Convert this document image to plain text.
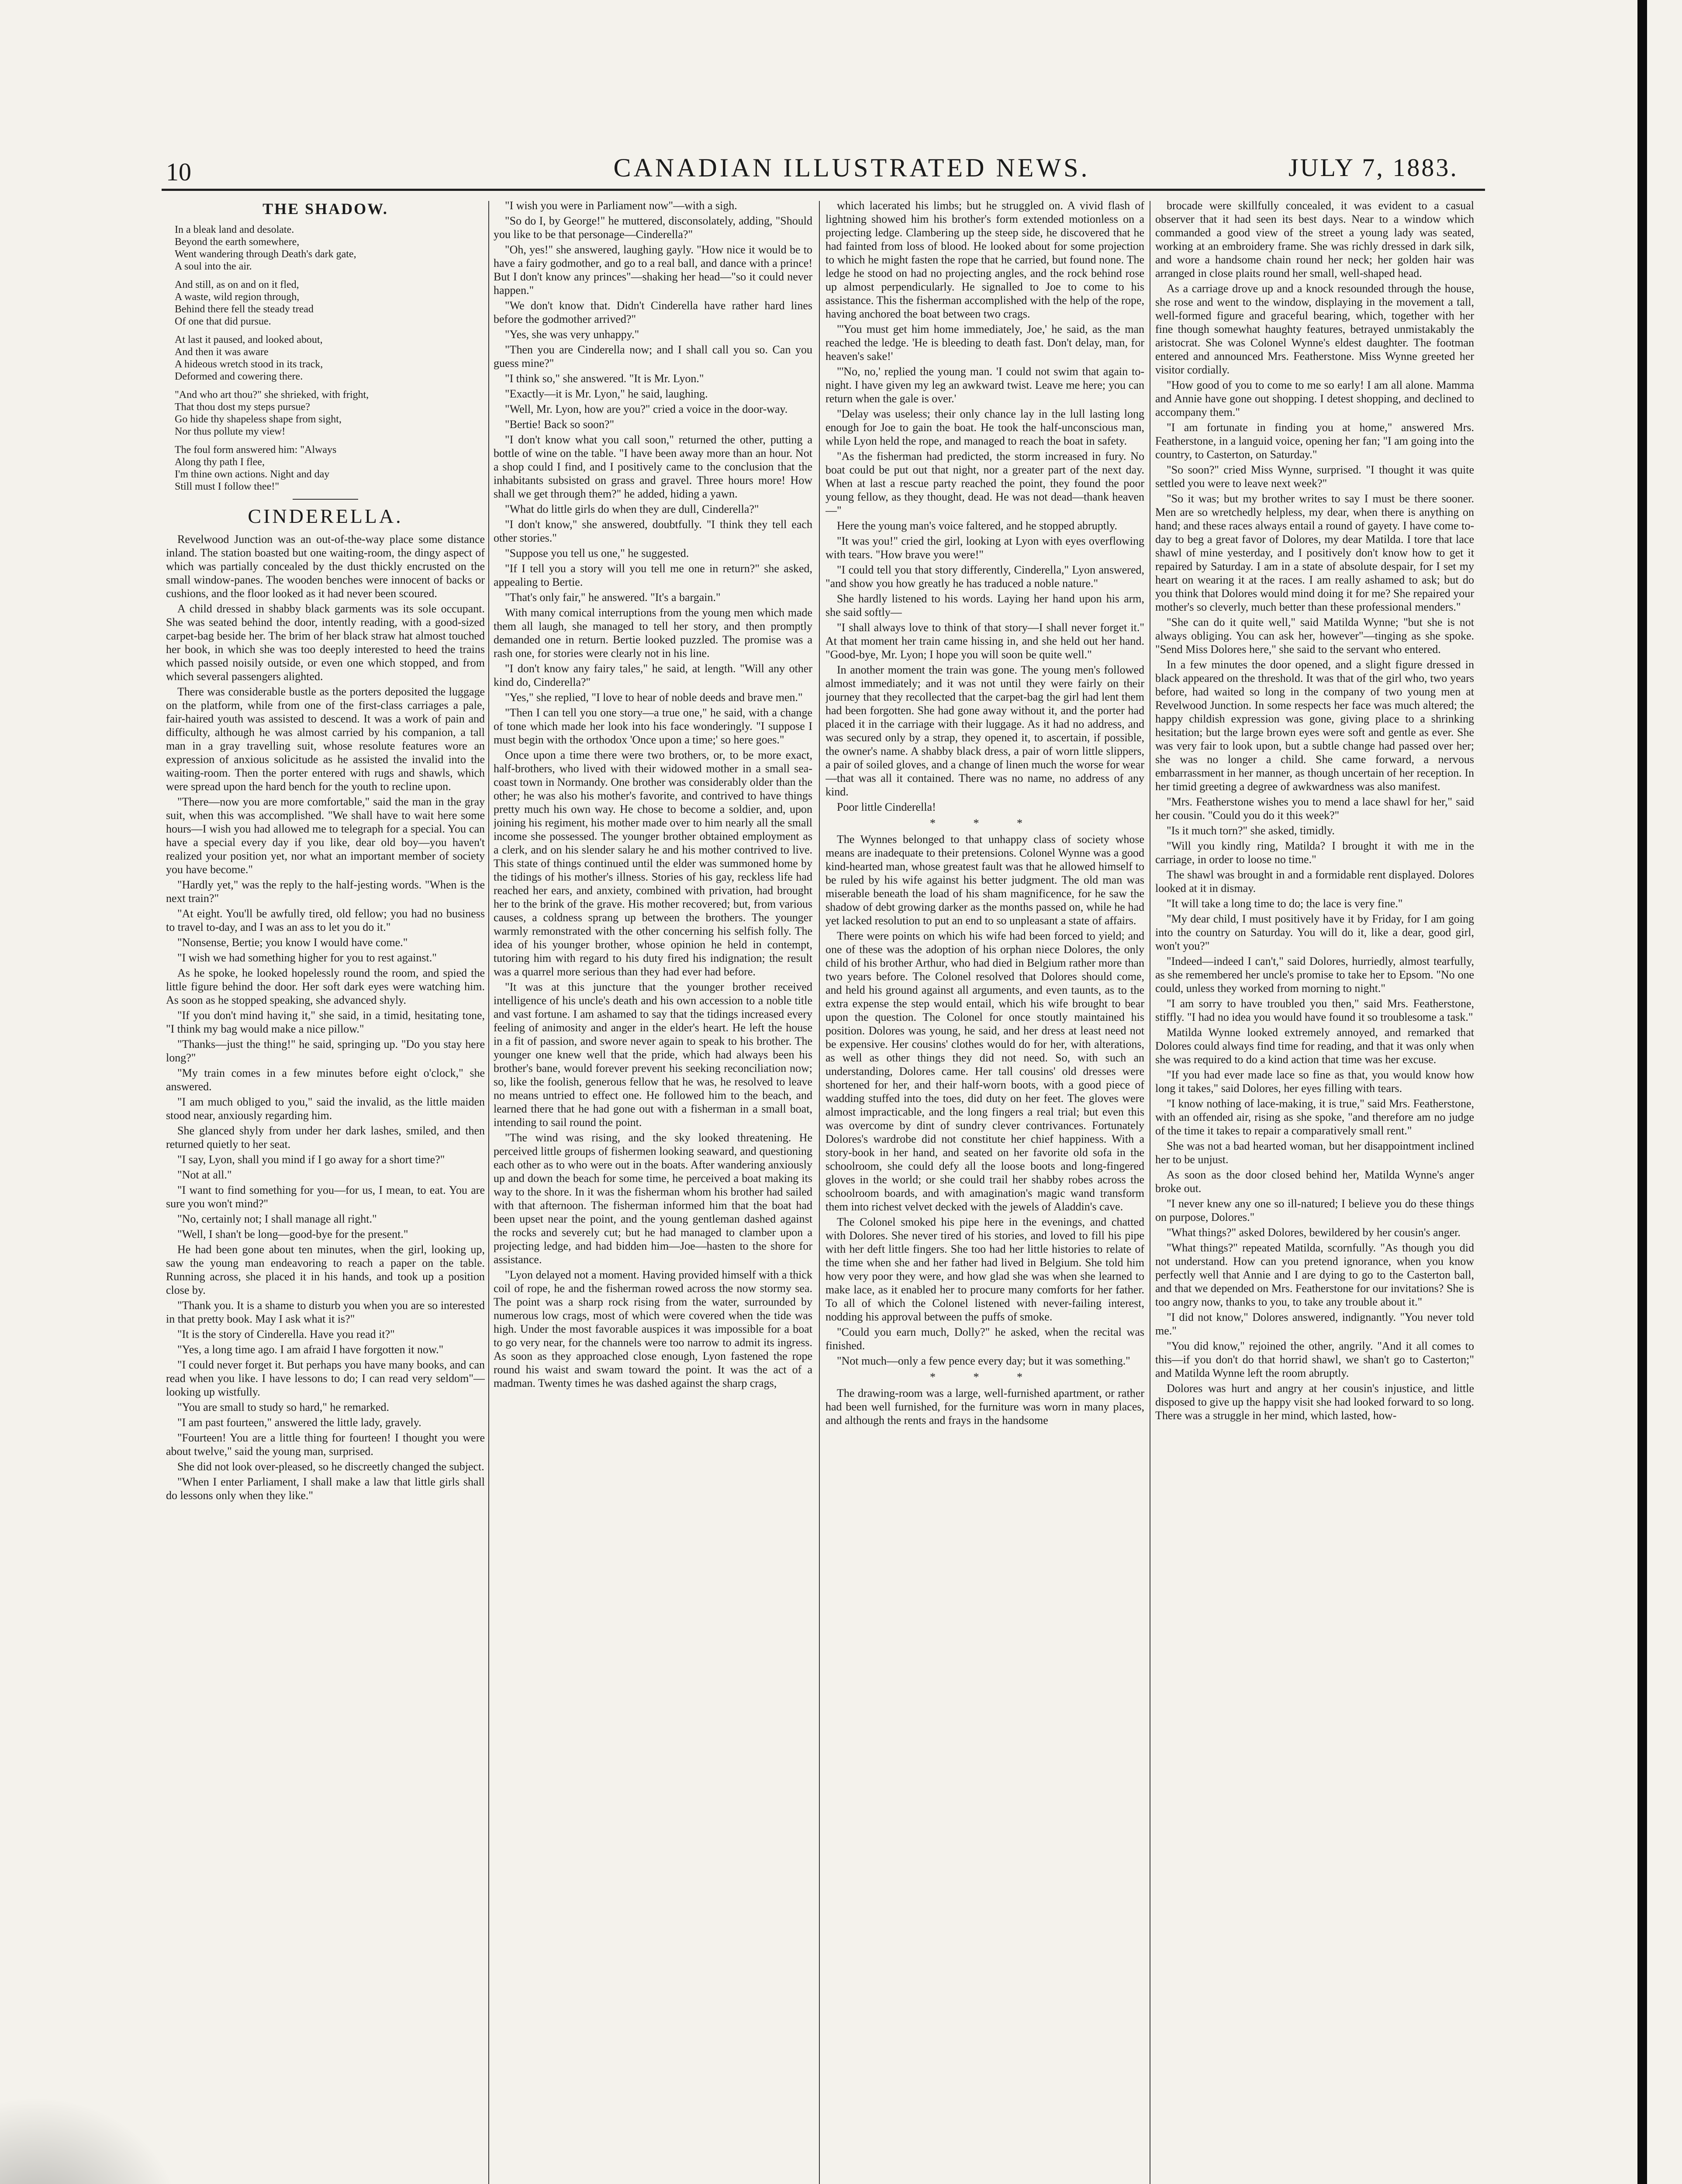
10	CANADIAN ILLUSTRATED NEWS.	JULY 7, 1883.
THE SHADOW.
In a bleak land and desolate.
Beyond the earth somewhere,
Went wandering through Death's dark gate,
A soul into the air.
And still, as on and on it fled,
A waste, wild region through,
Behind there fell the steady tread
Of one that did pursue.
At last it paused, and looked about,
And then it was aware
A hideous wretch stood in its track,
Deformed and cowering there.
"And who art thou?" she shrieked, with fright,
That thou dost my steps pursue?
Go hide thy shapeless shape from sight,
Nor thus pollute my view!
The foul form answered him: "Always
Along thy path I flee,
I'm thine own actions. Night and day
Still must I follow thee!"
CINDERELLA.

Revelwood Junction was an out-of-the-way place some distance inland. The station boasted but one waiting-room, the dingy aspect of which was partially concealed by the dust thickly encrusted on the small window-panes. The wooden benches were innocent of backs or cushions, and the floor looked as it had never been scoured.

A child dressed in shabby black garments was its sole occupant. She was seated behind the door, intently reading, with a good-sized carpet-bag beside her. The brim of her black straw hat almost touched her book, in which she was too deeply interested to heed the trains which passed noisily outside, or even one which stopped, and from which several passengers alighted.

There was considerable bustle as the porters deposited the luggage on the platform, while from one of the first-class carriages a pale, fair-haired youth was assisted to descend. It was a work of pain and difficulty, although he was almost carried by his companion, a tall man in a gray travelling suit, whose resolute features wore an expression of anxious solicitude as he assisted the invalid into the waiting-room. Then the porter entered with rugs and shawls, which were spread upon the hard bench for the youth to recline upon.

"There—now you are more comfortable," said the man in the gray suit, when this was accomplished. "We shall have to wait here some hours—I wish you had allowed me to telegraph for a special. You can have a special every day if you like, dear old boy—you haven't realized your position yet, nor what an important member of society you have become."

"Hardly yet," was the reply to the half-jesting words. "When is the next train?"

"At eight. You'll be awfully tired, old fellow; you had no business to travel to-day, and I was an ass to let you do it."

"Nonsense, Bertie; you know I would have come."

"I wish we had something higher for you to rest against."

As he spoke, he looked hopelessly round the room, and spied the little figure behind the door. Her soft dark eyes were watching him. As soon as he stopped speaking, she advanced shyly.

"If you don't mind having it," she said, in a timid, hesitating tone, "I think my bag would make a nice pillow."

"Thanks—just the thing!" he said, springing up. "Do you stay here long?"

"My train comes in a few minutes before eight o'clock," she answered.

"I am much obliged to you," said the invalid, as the little maiden stood near, anxiously regarding him.

She glanced shyly from under her dark lashes, smiled, and then returned quietly to her seat.

"I say, Lyon, shall you mind if I go away for a short time?"

"Not at all."

"I want to find something for you—for us, I mean, to eat. You are sure you won't mind?"

"No, certainly not; I shall manage all right."

"Well, I shan't be long—good-bye for the present."

He had been gone about ten minutes, when the girl, looking up, saw the young man endeavoring to reach a paper on the table. Running across, she placed it in his hands, and took up a position close by.

"Thank you. It is a shame to disturb you when you are so interested in that pretty book. May I ask what it is?"

"It is the story of Cinderella. Have you read it?"

"Yes, a long time ago. I am afraid I have forgotten it now."

"I could never forget it. But perhaps you have many books, and can read when you like. I have lessons to do; I can read very seldom"—looking up wistfully.

"You are small to study so hard," he remarked.

"I am past fourteen," answered the little lady, gravely.

"Fourteen! You are a little thing for fourteen! I thought you were about twelve," said the young man, surprised.

She did not look over-pleased, so he discreetly changed the subject.

"When I enter Parliament, I shall make a law that little girls shall do lessons only when they like."

"I wish you were in Parliament now"—with a sigh.

"So do I, by George!" he muttered, disconsolately, adding, "Should you like to be that personage—Cinderella?"

"Oh, yes!" she answered, laughing gayly. "How nice it would be to have a fairy godmother, and go to a real ball, and dance with a prince! But I don't know any princes"—shaking her head—"so it could never happen."

"We don't know that. Didn't Cinderella have rather hard lines before the godmother arrived?"

"Yes, she was very unhappy."

"Then you are Cinderella now; and I shall call you so. Can you guess mine?"

"I think so," she answered. "It is Mr. Lyon."

"Exactly—it is Mr. Lyon," he said, laughing.

"Well, Mr. Lyon, how are you?" cried a voice in the door-way.

"Bertie! Back so soon?"

"I don't know what you call soon," returned the other, putting a bottle of wine on the table. "I have been away more than an hour. Not a shop could I find, and I positively came to the conclusion that the inhabitants subsisted on grass and gravel. Three hours more! How shall we get through them?" he added, hiding a yawn.

"What do little girls do when they are dull, Cinderella?"

"I don't know," she answered, doubtfully. "I think they tell each other stories."

"Suppose you tell us one," he suggested.

"If I tell you a story will you tell me one in return?" she asked, appealing to Bertie.

"That's only fair," he answered. "It's a bargain."

With many comical interruptions from the young men which made them all laugh, she managed to tell her story, and then promptly demanded one in return. Bertie looked puzzled. The promise was a rash one, for stories were clearly not in his line.

"I don't know any fairy tales," he said, at length. "Will any other kind do, Cinderella?"

"Yes," she replied, "I love to hear of noble deeds and brave men."

"Then I can tell you one story—a true one," he said, with a change of tone which made her look into his face wonderingly. "I suppose I must begin with the orthodox 'Once upon a time;' so here goes."

Once upon a time there were two brothers, or, to be more exact, half-brothers, who lived with their widowed mother in a small sea-coast town in Normandy. One brother was considerably older than the other; he was also his mother's favorite, and contrived to have things pretty much his own way. He chose to become a soldier, and, upon joining his regiment, his mother made over to him nearly all the small income she possessed. The younger brother obtained employment as a clerk, and on his slender salary he and his mother contrived to live. This state of things continued until the elder was summoned home by the tidings of his mother's illness. Stories of his gay, reckless life had reached her ears, and anxiety, combined with privation, had brought her to the brink of the grave. His mother recovered; but, from various causes, a coldness sprang up between the brothers. The younger warmly remonstrated with the other concerning his selfish folly. The idea of his younger brother, whose opinion he held in contempt, tutoring him with regard to his duty fired his indignation; the result was a quarrel more serious than they had ever had before.

"It was at this juncture that the younger brother received intelligence of his uncle's death and his own accession to a noble title and vast fortune. I am ashamed to say that the tidings increased every feeling of animosity and anger in the elder's heart. He left the house in a fit of passion, and swore never again to speak to his brother. The younger one knew well that the pride, which had always been his brother's bane, would forever prevent his seeking reconciliation now; so, like the foolish, generous fellow that he was, he resolved to leave no means untried to effect one. He followed him to the beach, and learned there that he had gone out with a fisherman in a small boat, intending to sail round the point.

"The wind was rising, and the sky looked threatening. He perceived little groups of fishermen looking seaward, and questioning each other as to who were out in the boats. After wandering anxiously up and down the beach for some time, he perceived a boat making its way to the shore. In it was the fisherman whom his brother had sailed with that afternoon. The fisherman informed him that the boat had been upset near the point, and the young gentleman dashed against the rocks and severely cut; but he had managed to clamber upon a projecting ledge, and had bidden him—Joe—hasten to the shore for assistance.

"Lyon delayed not a moment. Having provided himself with a thick coil of rope, he and the fisherman rowed across the now stormy sea. The point was a sharp rock rising from the water, surrounded by numerous low crags, most of which were covered when the tide was high. Under the most favorable auspices it was impossible for a boat to go very near, for the channels were too narrow to admit its ingress. As soon as they approached close enough, Lyon fastened the rope round his waist and swam toward the point. It was the act of a madman. Twenty times he was dashed against the sharp crags,

which lacerated his limbs; but he struggled on. A vivid flash of lightning showed him his brother's form extended motionless on a projecting ledge. Clambering up the steep side, he discovered that he had fainted from loss of blood. He looked about for some projection to which he might fasten the rope that he carried, but found none. The ledge he stood on had no projecting angles, and the rock behind rose up almost perpendicularly. He signalled to Joe to come to his assistance. This the fisherman accomplished with the help of the rope, having anchored the boat between two crags.

"'You must get him home immediately, Joe,' he said, as the man reached the ledge. 'He is bleeding to death fast. Don't delay, man, for heaven's sake!'

"'No, no,' replied the young man. 'I could not swim that again to-night. I have given my leg an awkward twist. Leave me here; you can return when the gale is over.'

"Delay was useless; their only chance lay in the lull lasting long enough for Joe to gain the boat. He took the half-unconscious man, while Lyon held the rope, and managed to reach the boat in safety.

"As the fisherman had predicted, the storm increased in fury. No boat could be put out that night, nor a greater part of the next day. When at last a rescue party reached the point, they found the poor young fellow, as they thought, dead. He was not dead—thank heaven—"

Here the young man's voice faltered, and he stopped abruptly.

"It was you!" cried the girl, looking at Lyon with eyes overflowing with tears. "How brave you were!"

"I could tell you that story differently, Cinderella," Lyon answered, "and show you how greatly he has traduced a noble nature."

She hardly listened to his words. Laying her hand upon his arm, she said softly—

"I shall always love to think of that story—I shall never forget it." At that moment her train came hissing in, and she held out her hand. "Good-bye, Mr. Lyon; I hope you will soon be quite well."

In another moment the train was gone. The young men's followed almost immediately; and it was not until they were fairly on their journey that they recollected that the carpet-bag the girl had lent them had been forgotten. She had gone away without it, and the porter had placed it in the carriage with their luggage. As it had no address, and was secured only by a strap, they opened it, to ascertain, if possible, the owner's name. A shabby black dress, a pair of worn little slippers, a pair of soiled gloves, and a change of linen much the worse for wear—that was all it contained. There was no name, no address of any kind.

Poor little Cinderella!

* * *

The Wynnes belonged to that unhappy class of society whose means are inadequate to their pretensions. Colonel Wynne was a good kind-hearted man, whose greatest fault was that he allowed himself to be ruled by his wife against his better judgment. The old man was miserable beneath the load of his sham magnificence, for he saw the shadow of debt growing darker as the months passed on, while he had yet lacked resolution to put an end to so unpleasant a state of affairs.

There were points on which his wife had been forced to yield; and one of these was the adoption of his orphan niece Dolores, the only child of his brother Arthur, who had died in Belgium rather more than two years before. The Colonel resolved that Dolores should come, and held his ground against all arguments, and even taunts, as to the extra expense the step would entail, which his wife brought to bear upon the question. The Colonel for once stoutly maintained his position. Dolores was young, he said, and her dress at least need not be expensive. Her cousins' clothes would do for her, with alterations, as well as other things they did not need. So, with such an understanding, Dolores came. Her tall cousins' old dresses were shortened for her, and their half-worn boots, with a good piece of wadding stuffed into the toes, did duty on her feet. The gloves were almost impracticable, and the long fingers a real trial; but even this was overcome by dint of sundry clever contrivances. Fortunately Dolores's wardrobe did not constitute her chief happiness. With a story-book in her hand, and seated on her favorite old sofa in the schoolroom, she could defy all the loose boots and long-fingered gloves in the world; or she could trail her shabby robes across the schoolroom boards, and with amagination's magic wand transform them into richest velvet decked with the jewels of Aladdin's cave.

The Colonel smoked his pipe here in the evenings, and chatted with Dolores. She never tired of his stories, and loved to fill his pipe with her deft little fingers. She too had her little histories to relate of the time when she and her father had lived in Belgium. She told him how very poor they were, and how glad she was when she learned to make lace, as it enabled her to procure many comforts for her father. To all of which the Colonel listened with never-failing interest, nodding his approval between the puffs of smoke.

"Could you earn much, Dolly?" he asked, when the recital was finished.

"Not much—only a few pence every day; but it was something."

* * *

The drawing-room was a large, well-furnished apartment, or rather had been well furnished, for the furniture was worn in many places, and although the rents and frays in the handsome

brocade were skillfully concealed, it was evident to a casual observer that it had seen its best days. Near to a window which commanded a good view of the street a young lady was seated, working at an embroidery frame. She was richly dressed in dark silk, and wore a handsome chain round her neck; her golden hair was arranged in close plaits round her small, well-shaped head.

As a carriage drove up and a knock resounded through the house, she rose and went to the window, displaying in the movement a tall, well-formed figure and graceful bearing, which, together with her fine though somewhat haughty features, betrayed unmistakably the aristocrat. She was Colonel Wynne's eldest daughter. The footman entered and announced Mrs. Featherstone. Miss Wynne greeted her visitor cordially.

"How good of you to come to me so early! I am all alone. Mamma and Annie have gone out shopping. I detest shopping, and declined to accompany them."

"I am fortunate in finding you at home," answered Mrs. Featherstone, in a languid voice, opening her fan; "I am going into the country, to Casterton, on Saturday."

"So soon?" cried Miss Wynne, surprised. "I thought it was quite settled you were to leave next week?"

"So it was; but my brother writes to say I must be there sooner. Men are so wretchedly helpless, my dear, when there is anything on hand; and these races always entail a round of gayety. I have come to-day to beg a great favor of Dolores, my dear Matilda. I tore that lace shawl of mine yesterday, and I positively don't know how to get it repaired by Saturday. I am in a state of absolute despair, for I set my heart on wearing it at the races. I am really ashamed to ask; but do you think that Dolores would mind doing it for me? She repaired your mother's so cleverly, much better than these professional menders."

"She can do it quite well," said Matilda Wynne; "but she is not always obliging. You can ask her, however"—tinging as she spoke. "Send Miss Dolores here," she said to the servant who entered.

In a few minutes the door opened, and a slight figure dressed in black appeared on the threshold. It was that of the girl who, two years before, had waited so long in the company of two young men at Revelwood Junction. In some respects her face was much altered; the happy childish expression was gone, giving place to a shrinking hesitation; but the large brown eyes were soft and gentle as ever. She was very fair to look upon, but a subtle change had passed over her; she was no longer a child. She came forward, a nervous embarrassment in her manner, as though uncertain of her reception. In her timid greeting a degree of awkwardness was also manifest.

"Mrs. Featherstone wishes you to mend a lace shawl for her," said her cousin. "Could you do it this week?"

"Is it much torn?" she asked, timidly.

"Will you kindly ring, Matilda? I brought it with me in the carriage, in order to loose no time."

The shawl was brought in and a formidable rent displayed. Dolores looked at it in dismay.

"It will take a long time to do; the lace is very fine."

"My dear child, I must positively have it by Friday, for I am going into the country on Saturday. You will do it, like a dear, good girl, won't you?"

"Indeed—indeed I can't," said Dolores, hurriedly, almost tearfully, as she remembered her uncle's promise to take her to Epsom. "No one could, unless they worked from morning to night."

"I am sorry to have troubled you then," said Mrs. Featherstone, stiffly. "I had no idea you would have found it so troublesome a task."

Matilda Wynne looked extremely annoyed, and remarked that Dolores could always find time for reading, and that it was only when she was required to do a kind action that time was her excuse.

"If you had ever made lace so fine as that, you would know how long it takes," said Dolores, her eyes filling with tears.

"I know nothing of lace-making, it is true," said Mrs. Featherstone, with an offended air, rising as she spoke, "and therefore am no judge of the time it takes to repair a comparatively small rent."

She was not a bad hearted woman, but her disappointment inclined her to be unjust.

As soon as the door closed behind her, Matilda Wynne's anger broke out.

"I never knew any one so ill-natured; I believe you do these things on purpose, Dolores."

"What things?" asked Dolores, bewildered by her cousin's anger.

"What things?" repeated Matilda, scornfully. "As though you did not understand. How can you pretend ignorance, when you know perfectly well that Annie and I are dying to go to the Casterton ball, and that we depended on Mrs. Featherstone for our invitations? She is too angry now, thanks to you, to take any trouble about it."

"I did not know," Dolores answered, indignantly. "You never told me."

"You did know," rejoined the other, angrily. "And it all comes to this—if you don't do that horrid shawl, we shan't go to Casterton;" and Matilda Wynne left the room abruptly.

Dolores was hurt and angry at her cousin's injustice, and little disposed to give up the happy visit she had looked forward to so long. There was a struggle in her mind, which lasted, how-
